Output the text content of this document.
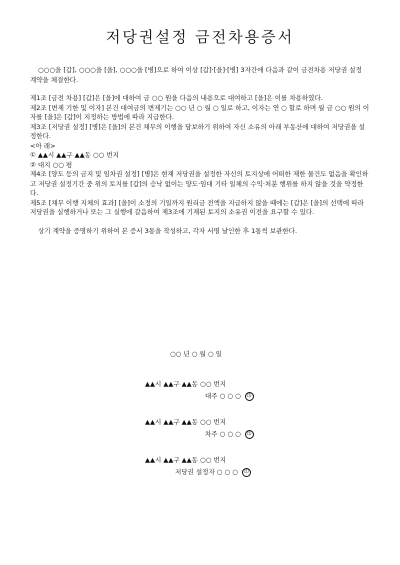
저당권설정 금전차용증서

○○○을 [갑], ○○○을 [을], ○○○을 [병]으로 하여 이상 [갑]·[을]·[병] 3자간에 다음과 같이 금전차용 저당권 설정 계약을 체결한다.

제1조 [금전 차용] [갑]은 [을]에 대하여 금 ○○ 원을 다음의 내용으로 대여하고 [을]은 이를 차용하였다.

제2조 [변제 기한 및 이자] 본건 대여금의 변제기는 ○○ 년 ○ 월 ○ 일로 하고, 이자는 연 ○ 할로 하며 월 금 ○○ 원의 이자를 [을]은 [갑]이 지정하는 방법에 따라 지급한다.

제3조 [저당권 설정] [병]은 [을]의 본건 채무의 이행을 담보하기 위하여 자신 소유의 아래 부동산에 대하여 저당권을 설정한다.

<아 래>

① ▲▲시 ▲▲구 ▲▲동 ○○ 번지

② 대지 ○○ 평

제4조 [양도 등의 금지 및 임차권 설정] [병]은 현재 저당권을 설정한 자신의 토지상에 어떠한 제한 물건도 없음을 확인하고 저당권 설정기간 중 위의 토지를 [갑]의 승낙 없이는 양도·임대 기타 일체의 수익·처분 행위를 하지 않을 것을 약정한다.

제5조 [채무 이행 지체의 효과] [을]이 소정의 기일까지 원리금 전액을 지급하지 않을 때에는 [갑]은 [을]의 선택에 따라 저당권을 실행하거나 또는 그 실행에 갈음하여 제3조에 기재된 토지의 소유권 이전을 요구할 수 있다.

상기 계약을 증명하기 위하여 본 증서 3통을 작성하고, 각자 서명 날인한 후 1통씩 보관한다.

○○ 년 ○ 월 ○ 일
▲▲시 ▲▲구 ▲▲동 ○○ 번지
대주 ○ ○ ○ 印
▲▲시 ▲▲구 ▲▲동 ○○ 번지
차주 ○ ○ ○ 印
▲▲시 ▲▲구 ▲▲동 ○○ 번지
저당권 설정자 ○ ○ ○ 印
